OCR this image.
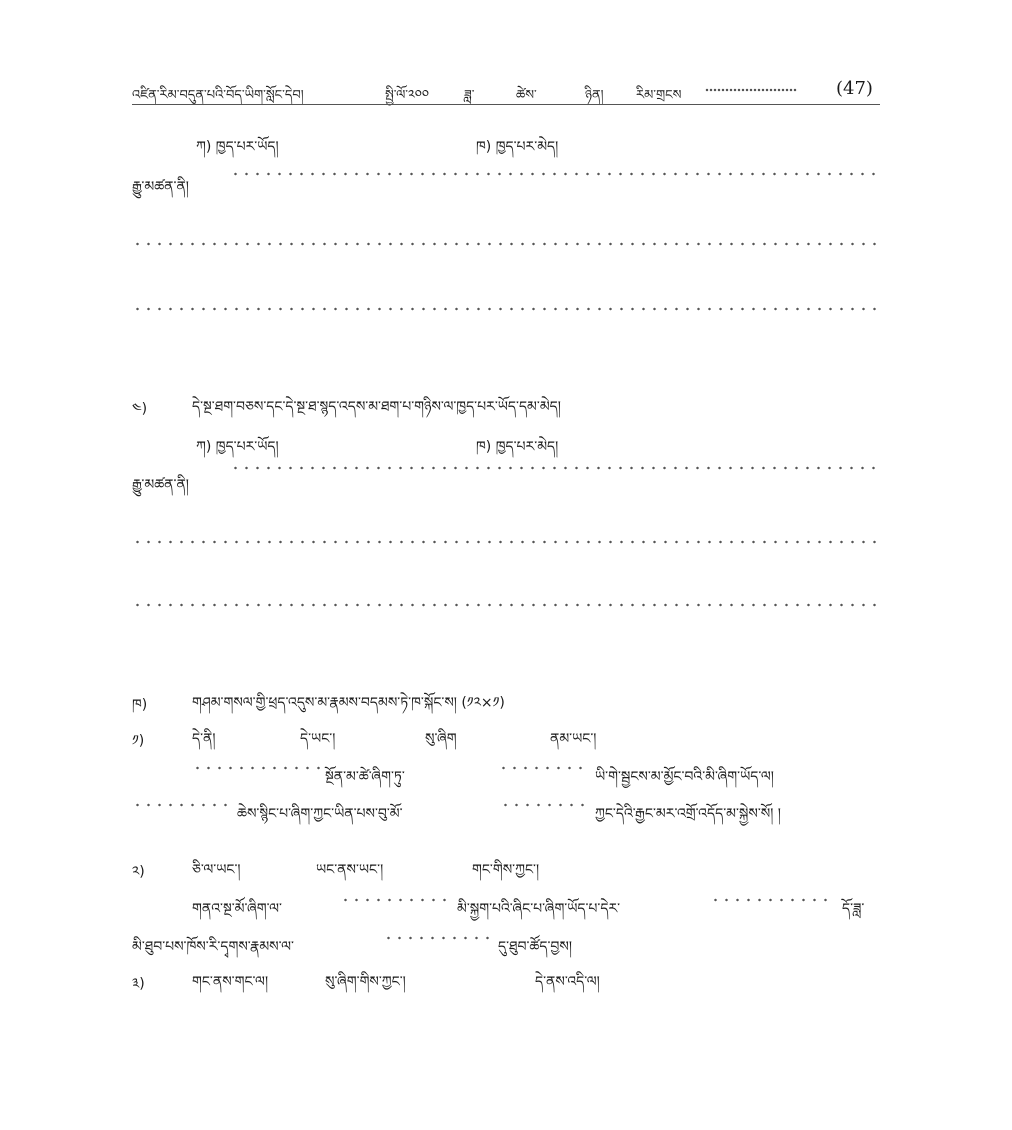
འཛིན་རིམ་བདུན་པའི་བོད་ཡིག་སློང་དེབ།	སྤྱི་ལོ་༢༠༠	ཟླ་	ཚེས་	ཉིན། རིམ་གྲངས	(47)
ཀ) ཁྱད་པར་ཡོད།	ཁ) ཁྱད་པར་མེད།
རྒྱུ་མཚན་ནི།
༤)	དེ་སྔ་ཐག་བཅས་དང་དེ་སྔ་ཐ་སྙད་འདས་མ་ཐག་པ་གཉིས་ལ་ཁྱད་པར་ཡོད་དམ་མེད།
ཀ) ཁྱད་པར་ཡོད།	ཁ) ཁྱད་པར་མེད།
རྒྱུ་མཚན་ནི།
ཁ)	གཤམ་གསལ་གྱི་ཕྲད་འདུས་མ་རྣམས་བདམས་ཏེ་ཁ་སྐོང་ས། (༡༢×༡)
༡)	དེ་ནི།	དེ་ཡང་།	སུ་ཞིག	ནམ་ཡང་།
སྔོན་མ་ཚེ་ཞིག་ཏུ་	ཡི་གེ་སྦྱངས་མ་མྱོང་བའི་མི་ཞིག་ཡོད་ལ།
ཆེས་སྙིང་པ་ཞིག་ཀྱང་ཡིན་པས་བུ་མོ་	ཀྱང་དེའི་རྒྱང་མར་འགྲོ་འདོད་མ་སྐྱེས་སོ། །
༢)	ཅི་ལ་ཡང་།	ཡང་ནས་ཡང་།	གང་གིས་ཀྱང་།
གནའ་སྔ་མོ་ཞིག་ལ་	མི་སྐྱག་པའི་ཞིང་པ་ཞིག་ཡོད་པ་དེར་	དོ་ཟླ་
མི་ཐུབ་པས་ཁོས་རི་དྭགས་རྣམས་ལ་	དུ་ཐུབ་ཚོད་བྱས།
༣)	གང་ནས་གང་ལ།	སུ་ཞིག་གིས་ཀྱང་།	དེ་ནས་འདི་ལ།
